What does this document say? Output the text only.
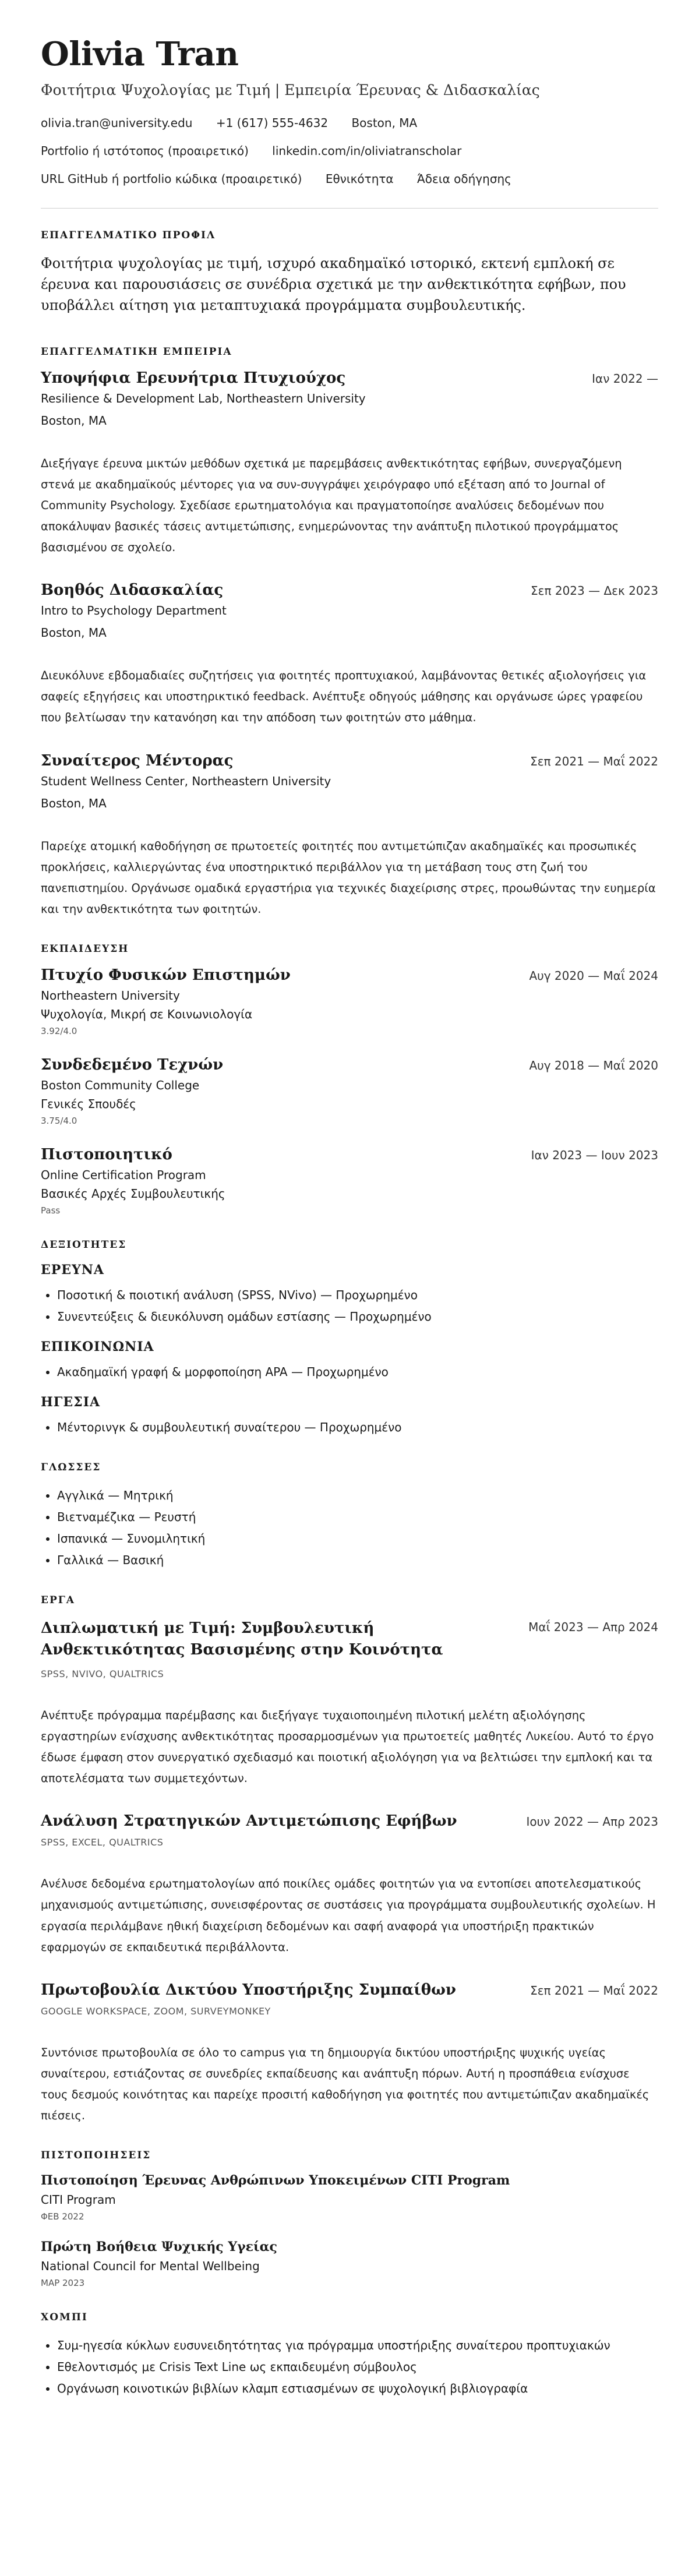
Olivia Tran
Φοιτήτρια Ψυχολογίας με Τιμή | Εμπειρία Έρευνας & Διδασκαλίας
olivia.tran@university.edu +1 (617) 555-4632 Boston, MA
Portfolio ή ιστότοπος (προαιρετικό) linkedin.com/in/oliviatranscholar
URL GitHub ή portfolio κώδικα (προαιρετικό) Εθνικότητα Άδεια οδήγησης
ΕΠΑΓΓΕΛΜΑΤΙΚΟ ΠΡΟΦΙΛ
Φοιτήτρια ψυχολογίας με τιμή, ισχυρό ακαδημαϊκό ιστορικό, εκτενή εμπλοκή σε έρευνα και παρουσιάσεις σε συνέδρια σχετικά με την ανθεκτικότητα εφήβων, που υποβάλλει αίτηση για μεταπτυχιακά προγράμματα συμβουλευτικής.
ΕΠΑΓΓΕΛΜΑΤΙΚΗ ΕΜΠΕΙΡΙΑ
Υποψήφια Ερευνήτρια Πτυχιούχος	Ιαν 2022 —
Resilience & Development Lab, Northeastern University
Boston, MA
Διεξήγαγε έρευνα μικτών μεθόδων σχετικά με παρεμβάσεις ανθεκτικότητας εφήβων, συνεργαζόμενη στενά με ακαδημαϊκούς μέντορες για να συν-συγγράψει χειρόγραφο υπό εξέταση από το Journal of Community Psychology. Σχεδίασε ερωτηματολόγια και πραγματοποίησε αναλύσεις δεδομένων που αποκάλυψαν βασικές τάσεις αντιμετώπισης, ενημερώνοντας την ανάπτυξη πιλοτικού προγράμματος βασισμένου σε σχολείο.
Βοηθός Διδασκαλίας	Σεπ 2023 — Δεκ 2023
Intro to Psychology Department
Boston, MA
Διευκόλυνε εβδομαδιαίες συζητήσεις για φοιτητές προπτυχιακού, λαμβάνοντας θετικές αξιολογήσεις για σαφείς εξηγήσεις και υποστηρικτικό feedback. Ανέπτυξε οδηγούς μάθησης και οργάνωσε ώρες γραφείου που βελτίωσαν την κατανόηση και την απόδοση των φοιτητών στο μάθημα.
Συναίτερος Μέντορας	Σεπ 2021 — Μαΐ 2022
Student Wellness Center, Northeastern University
Boston, MA
Παρείχε ατομική καθοδήγηση σε πρωτοετείς φοιτητές που αντιμετώπιζαν ακαδημαϊκές και προσωπικές προκλήσεις, καλλιεργώντας ένα υποστηρικτικό περιβάλλον για τη μετάβαση τους στη ζωή του πανεπιστημίου. Οργάνωσε ομαδικά εργαστήρια για τεχνικές διαχείρισης στρες, προωθώντας την ευημερία και την ανθεκτικότητα των φοιτητών.
ΕΚΠΑΙΔΕΥΣΗ
Πτυχίο Φυσικών Επιστημών	Αυγ 2020 — Μαΐ 2024
Northeastern University
Ψυχολογία, Μικρή σε Κοινωνιολογία
3.92/4.0
Συνδεδεμένο Τεχνών	Αυγ 2018 — Μαΐ 2020
Boston Community College
Γενικές Σπουδές
3.75/4.0
Πιστοποιητικό	Ιαν 2023 — Ιουν 2023
Online Certification Program
Βασικές Αρχές Συμβουλευτικής
Pass
ΔΕΞΙΟΤΗΤΕΣ
ΕΡΕΥΝΑ
• Ποσοτική & ποιοτική ανάλυση (SPSS, NVivo) — Προχωρημένο
• Συνεντεύξεις & διευκόλυνση ομάδων εστίασης — Προχωρημένο
ΕΠΙΚΟΙΝΩΝΙΑ
• Ακαδημαϊκή γραφή & μορφοποίηση APA — Προχωρημένο
ΗΓΕΣΙΑ
• Μέντορινγκ & συμβουλευτική συναίτερου — Προχωρημένο
ΓΛΩΣΣΕΣ
• Αγγλικά — Μητρική
• Βιετναμέζικα — Ρευστή
• Ισπανικά — Συνομιλητική
• Γαλλικά — Βασική
ΕΡΓΑ
Διπλωματική με Τιμή: Συμβουλευτική Ανθεκτικότητας Βασισμένης στην Κοινότητα
Μαΐ 2023 — Απρ 2024
SPSS, NVIVO, QUALTRICS
Ανέπτυξε πρόγραμμα παρέμβασης και διεξήγαγε τυχαιοποιημένη πιλοτική μελέτη αξιολόγησης εργαστηρίων ενίσχυσης ανθεκτικότητας προσαρμοσμένων για πρωτοετείς μαθητές Λυκείου. Αυτό το έργο έδωσε έμφαση στον συνεργατικό σχεδιασμό και ποιοτική αξιολόγηση για να βελτιώσει την εμπλοκή και τα αποτελέσματα των συμμετεχόντων.
Ανάλυση Στρατηγικών Αντιμετώπισης Εφήβων	Ιουν 2022 — Απρ 2023
SPSS, EXCEL, QUALTRICS
Ανέλυσε δεδομένα ερωτηματολογίων από ποικίλες ομάδες φοιτητών για να εντοπίσει αποτελεσματικούς μηχανισμούς αντιμετώπισης, συνεισφέροντας σε συστάσεις για προγράμματα συμβουλευτικής σχολείων. Η εργασία περιλάμβανε ηθική διαχείριση δεδομένων και σαφή αναφορά για υποστήριξη πρακτικών εφαρμογών σε εκπαιδευτικά περιβάλλοντα.
Πρωτοβουλία Δικτύου Υποστήριξης Συμπαίθων	Σεπ 2021 — Μαΐ 2022
GOOGLE WORKSPACE, ZOOM, SURVEYMONKEY
Συντόνισε πρωτοβουλία σε όλο το campus για τη δημιουργία δικτύου υποστήριξης ψυχικής υγείας συναίτερου, εστιάζοντας σε συνεδρίες εκπαίδευσης και ανάπτυξη πόρων. Αυτή η προσπάθεια ενίσχυσε τους δεσμούς κοινότητας και παρείχε προσιτή καθοδήγηση για φοιτητές που αντιμετώπιζαν ακαδημαϊκές πιέσεις.
ΠΙΣΤΟΠΟΙΗΣΕΙΣ
Πιστοποίηση Έρευνας Ανθρώπινων Υποκειμένων CITI Program
CITI Program
ΦΕΒ 2022
Πρώτη Βοήθεια Ψυχικής Υγείας
National Council for Mental Wellbeing
ΜΑΡ 2023
ΧΟΜΠΙ
• Συμ-ηγεσία κύκλων ευσυνειδητότητας για πρόγραμμα υποστήριξης συναίτερου προπτυχιακών
• Εθελοντισμός με Crisis Text Line ως εκπαιδευμένη σύμβουλος
• Οργάνωση κοινοτικών βιβλίων κλαμπ εστιασμένων σε ψυχολογική βιβλιογραφία
